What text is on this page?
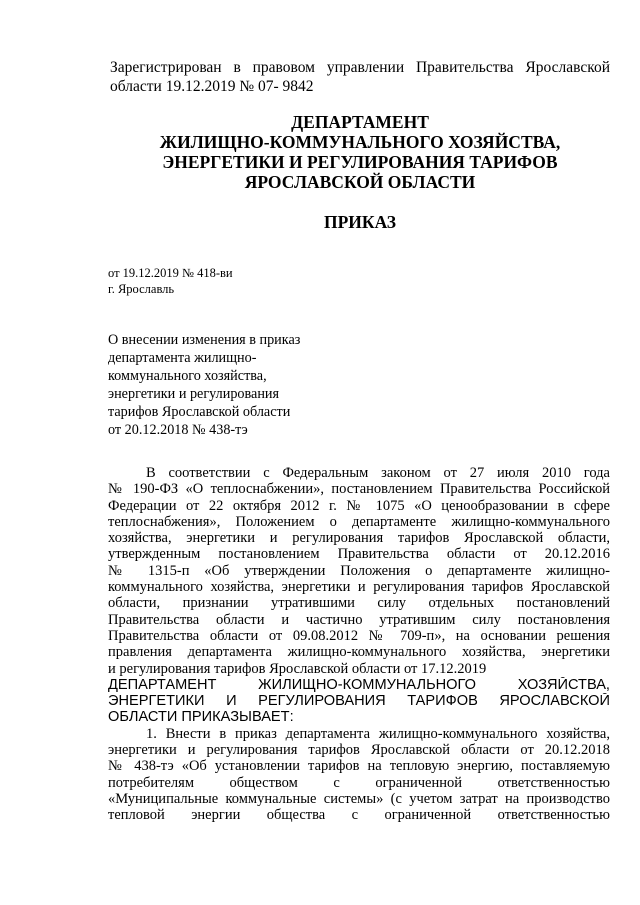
Зарегистрирован в правовом управлении Правительства Ярославской
области 19.12.2019 № 07- 9842
ДЕПАРТАМЕНТ
ЖИЛИЩНО-КОММУНАЛЬНОГО ХОЗЯЙСТВА,
ЭНЕРГЕТИКИ И РЕГУЛИРОВАНИЯ ТАРИФОВ
ЯРОСЛАВСКОЙ ОБЛАСТИ
ПРИКАЗ
от 19.12.2019 № 418-ви
г. Ярославль
О внесении изменения в приказ
департамента жилищно-
коммунального хозяйства,
энергетики и регулирования
тарифов Ярославской области
от 20.12.2018 № 438-тэ
В соответствии с Федеральным законом от 27 июля 2010 года
№ 190-ФЗ «О теплоснабжении», постановлением Правительства Российской
Федерации от 22 октября 2012 г. № 1075 «О ценообразовании в сфере
теплоснабжения», Положением о департаменте жилищно-коммунального
хозяйства, энергетики и регулирования тарифов Ярославской области,
утвержденным постановлением Правительства области от 20.12.2016
№ 1315-п «Об утверждении Положения о департаменте жилищно-
коммунального хозяйства, энергетики и регулирования тарифов Ярославской
области, признании утратившими силу отдельных постановлений
Правительства области и частично утратившим силу постановления
Правительства области от 09.08.2012 № 709-п», на основании решения
правления департамента жилищно-коммунального хозяйства, энергетики
и регулирования тарифов Ярославской области от 17.12.2019
ДЕПАРТАМЕНТ ЖИЛИЩНО-КОММУНАЛЬНОГО ХОЗЯЙСТВА,
ЭНЕРГЕТИКИ И РЕГУЛИРОВАНИЯ ТАРИФОВ ЯРОСЛАВСКОЙ
ОБЛАСТИ ПРИКАЗЫВАЕТ:
1. Внести в приказ департамента жилищно-коммунального хозяйства,
энергетики и регулирования тарифов Ярославской области от 20.12.2018
№ 438-тэ «Об установлении тарифов на тепловую энергию, поставляемую
потребителям обществом с ограниченной ответственностью
«Муниципальные коммунальные системы» (с учетом затрат на производство
тепловой энергии общества с ограниченной ответственностью
